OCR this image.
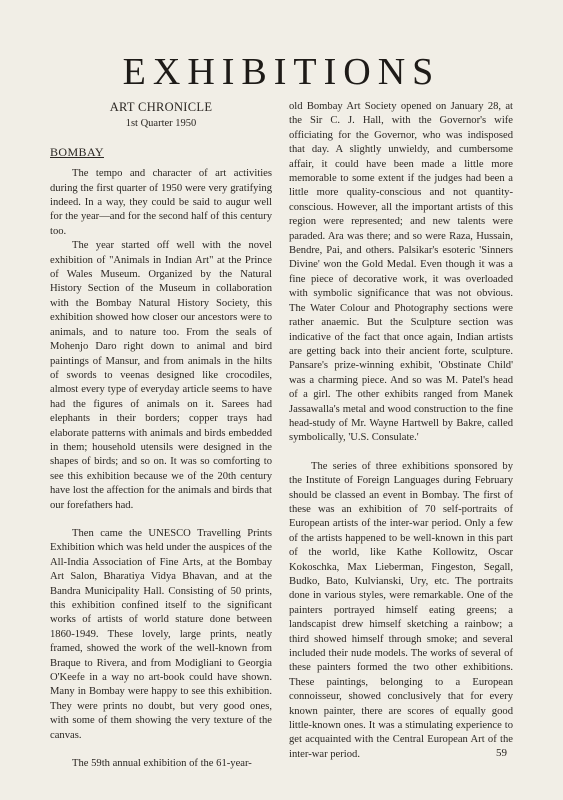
EXHIBITIONS
ART CHRONICLE
1st Quarter 1950
BOMBAY

The tempo and character of art activities during the first quarter of 1950 were very gratifying indeed. In a way, they could be said to augur well for the year—and for the second half of this century too.

The year started off well with the novel exhibition of "Animals in Indian Art" at the Prince of Wales Museum. Organized by the Natural History Section of the Museum in collaboration with the Bombay Natural History Society, this exhibition showed how closer our ancestors were to animals, and to nature too. From the seals of Mohenjo Daro right down to animal and bird paintings of Mansur, and from animals in the hilts of swords to veenas designed like crocodiles, almost every type of everyday article seems to have had the figures of animals on it. Sarees had elephants in their borders; copper trays had elaborate patterns with animals and birds embedded in them; household utensils were designed in the shapes of birds; and so on. It was so comforting to see this exhibition because we of the 20th century have lost the affection for the animals and birds that our forefathers had.

Then came the UNESCO Travelling Prints Exhibition which was held under the auspices of the All-India Association of Fine Arts, at the Bombay Art Salon, Bharatiya Vidya Bhavan, and at the Bandra Municipality Hall. Consisting of 50 prints, this exhibition confined itself to the significant works of artists of world stature done between 1860-1949. These lovely, large prints, neatly framed, showed the work of the well-known from Braque to Rivera, and from Modigliani to Georgia O'Keefe in a way no art-book could have shown. Many in Bombay were happy to see this exhibition. They were prints no doubt, but very good ones, with some of them showing the very texture of the canvas.

The 59th annual exhibition of the 61-year-

old Bombay Art Society opened on January 28, at the Sir C. J. Hall, with the Governor's wife officiating for the Governor, who was indisposed that day. A slightly unwieldy, and cumbersome affair, it could have been made a little more memorable to some extent if the judges had been a little more quality-conscious and not quantity-conscious. However, all the important artists of this region were represented; and new talents were paraded. Ara was there; and so were Raza, Hussain, Bendre, Pai, and others. Palsikar's esoteric 'Sinners Divine' won the Gold Medal. Even though it was a fine piece of decorative work, it was overloaded with symbolic significance that was not obvious. The Water Colour and Photography sections were rather anaemic. But the Sculpture section was indicative of the fact that once again, Indian artists are getting back into their ancient forte, sculpture. Pansare's prize-winning exhibit, 'Obstinate Child' was a charming piece. And so was M. Patel's head of a girl. The other exhibits ranged from Manek Jassawalla's metal and wood construction to the fine head-study of Mr. Wayne Hartwell by Bakre, called symbolically, 'U.S. Consulate.'

The series of three exhibitions sponsored by the Institute of Foreign Languages during February should be classed an event in Bombay. The first of these was an exhibition of 70 self-portraits of European artists of the inter-war period. Only a few of the artists happened to be well-known in this part of the world, like Kathe Kollowitz, Oscar Kokoschka, Max Lieberman, Fingeston, Segall, Budko, Bato, Kulvianski, Ury, etc. The portraits done in various styles, were remarkable. One of the painters portrayed himself eating greens; a landscapist drew himself sketching a rainbow; a third showed himself through smoke; and several included their nude models. The works of several of these painters formed the two other exhibitions. These paintings, belonging to a European connoisseur, showed conclusively that for every known painter, there are scores of equally good little-known ones. It was a stimulating experience to get acquainted with the Central European Art of the inter-war period.	59
